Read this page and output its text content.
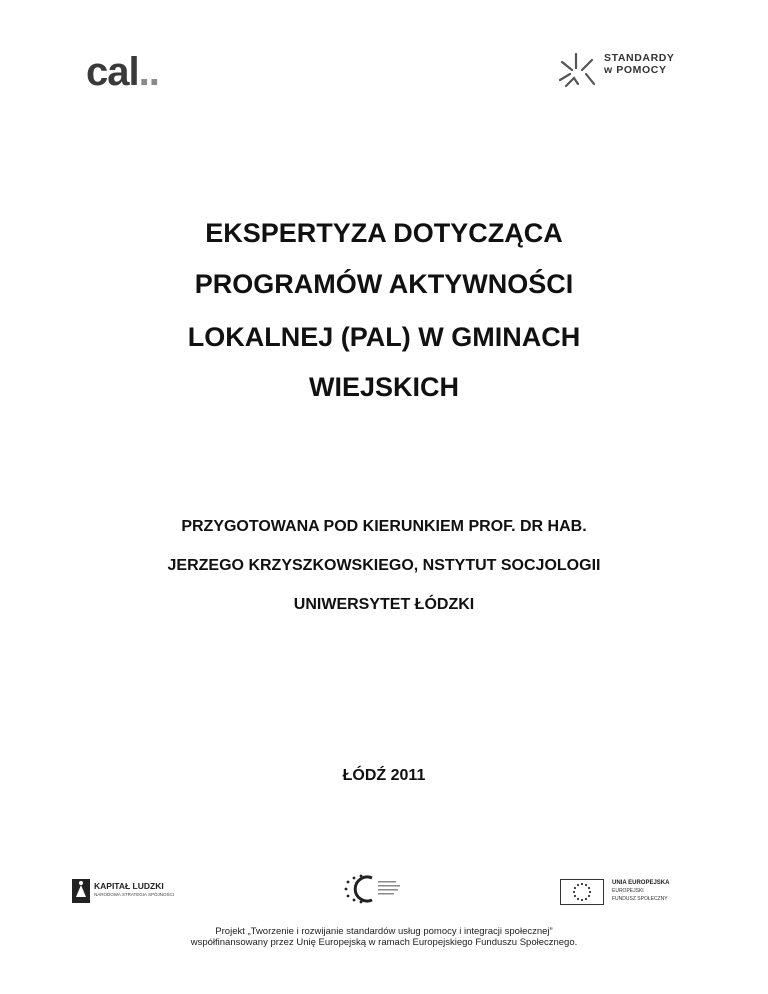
cal..	STANDARDY
w POMOCY
EKSPERTYZA DOTYCZĄCA
PROGRAMÓW AKTYWNOŚCI
LOKALNEJ (PAL) W GMINACH
WIEJSKICH
PRZYGOTOWANA POD KIERUNKIEM PROF. DR HAB.
JERZEGO KRZYSZKOWSKIEGO, NSTYTUT SOCJOLOGII
UNIWERSYTET ŁÓDZKI
ŁÓDŹ 2011
KAPITAŁ LUDZKI
NARODOWA STRATEGIA SPÓJNOŚCI
UNIA EUROPEJSKA
EUROPEJSKI
FUNDUSZ SPOŁECZNY
Projekt „Tworzenie i rozwijanie standardów usług pomocy i integracji społecznej”
współfinansowany przez Unię Europejską w ramach Europejskiego Funduszu Społecznego.
